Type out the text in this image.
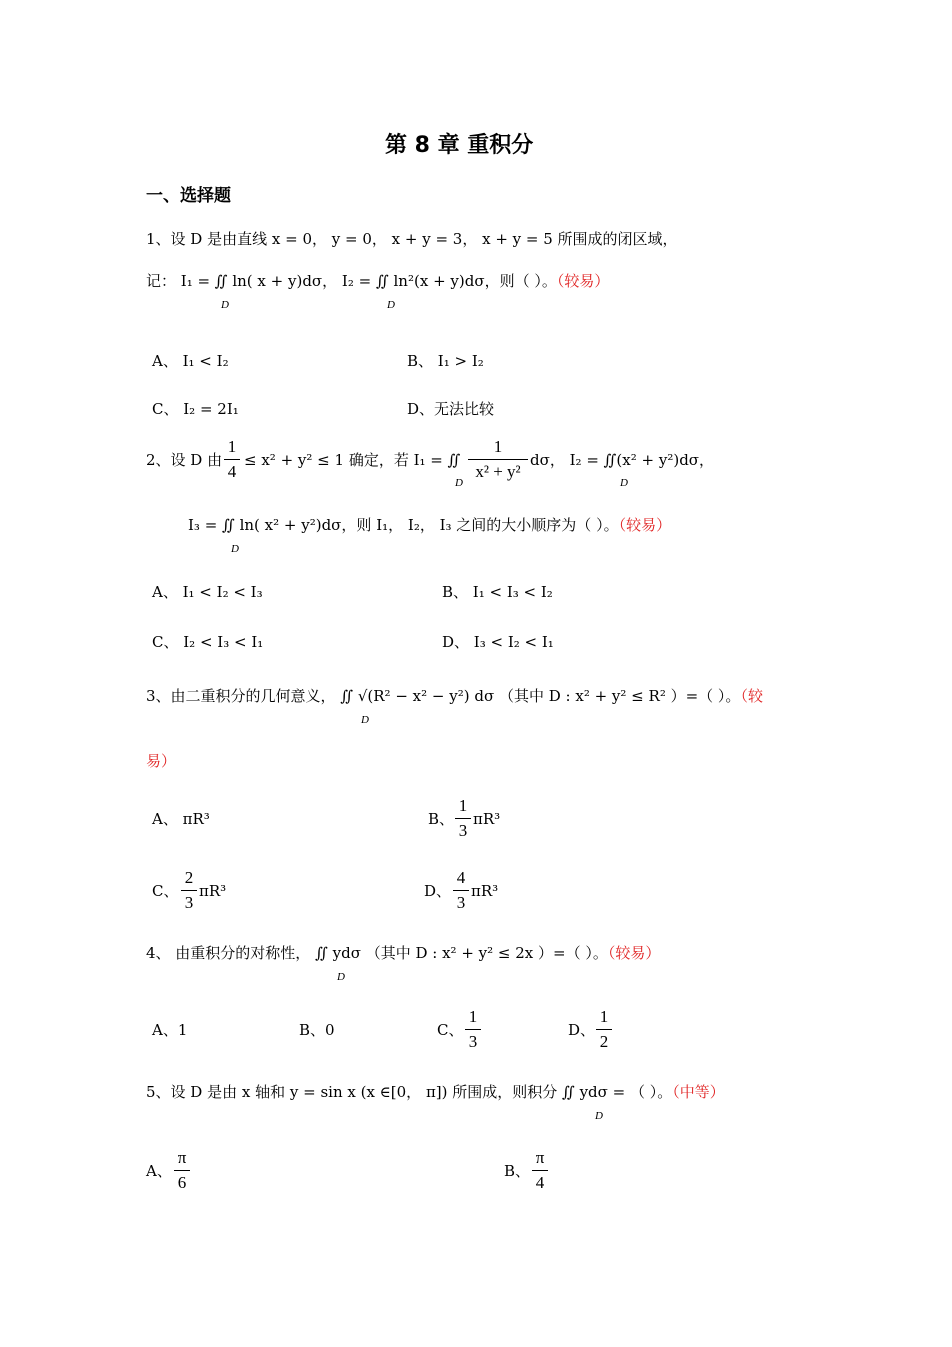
第 8 章 重积分
一、选择题
1、设 D 是由直线 x = 0， y = 0， x + y = 3， x + y = 5 所围成的闭区域，
记： I₁ = ∬ ln( x + y)dσ， I₂ = ∬ ln²(x + y)dσ，则（ ）。（较易）
D	D
A、 I₁ < I₂	B、 I₁ > I₂
C、 I₂ = 2I₁	D、无法比较
2、设 D 由
1
4
≤ x² + y² ≤ 1 确定，若 I₁ = ∬
1
x² + y²
dσ， I₂ = ∬(x² + y²)dσ，
D	D
I₃ = ∬ ln( x² + y²)dσ，则 I₁， I₂， I₃ 之间的大小顺序为（ ）。（较易）
D
A、 I₁ < I₂ < I₃	B、 I₁ < I₃ < I₂
C、 I₂ < I₃ < I₁	D、 I₃ < I₂ < I₁
3、由二重积分的几何意义， ∬ √(R² − x² − y²) dσ （其中 D : x² + y² ≤ R² ）=（ ）。（较
D
易）
A、 πR³	B、
1
3
πR³
C、
2
3
πR³	D、
4
3
πR³
4、 由重积分的对称性， ∬ ydσ （其中 D : x² + y² ≤ 2x ）=（ ）。（较易）
D
A、1	B、0	C、
1
3
D、
1
2
5、设 D 是由 x 轴和 y = sin x (x ∈[0， π]) 所围成，则积分 ∬ ydσ = （ ）。（中等）
D
A、
π
6
B、
π
4
